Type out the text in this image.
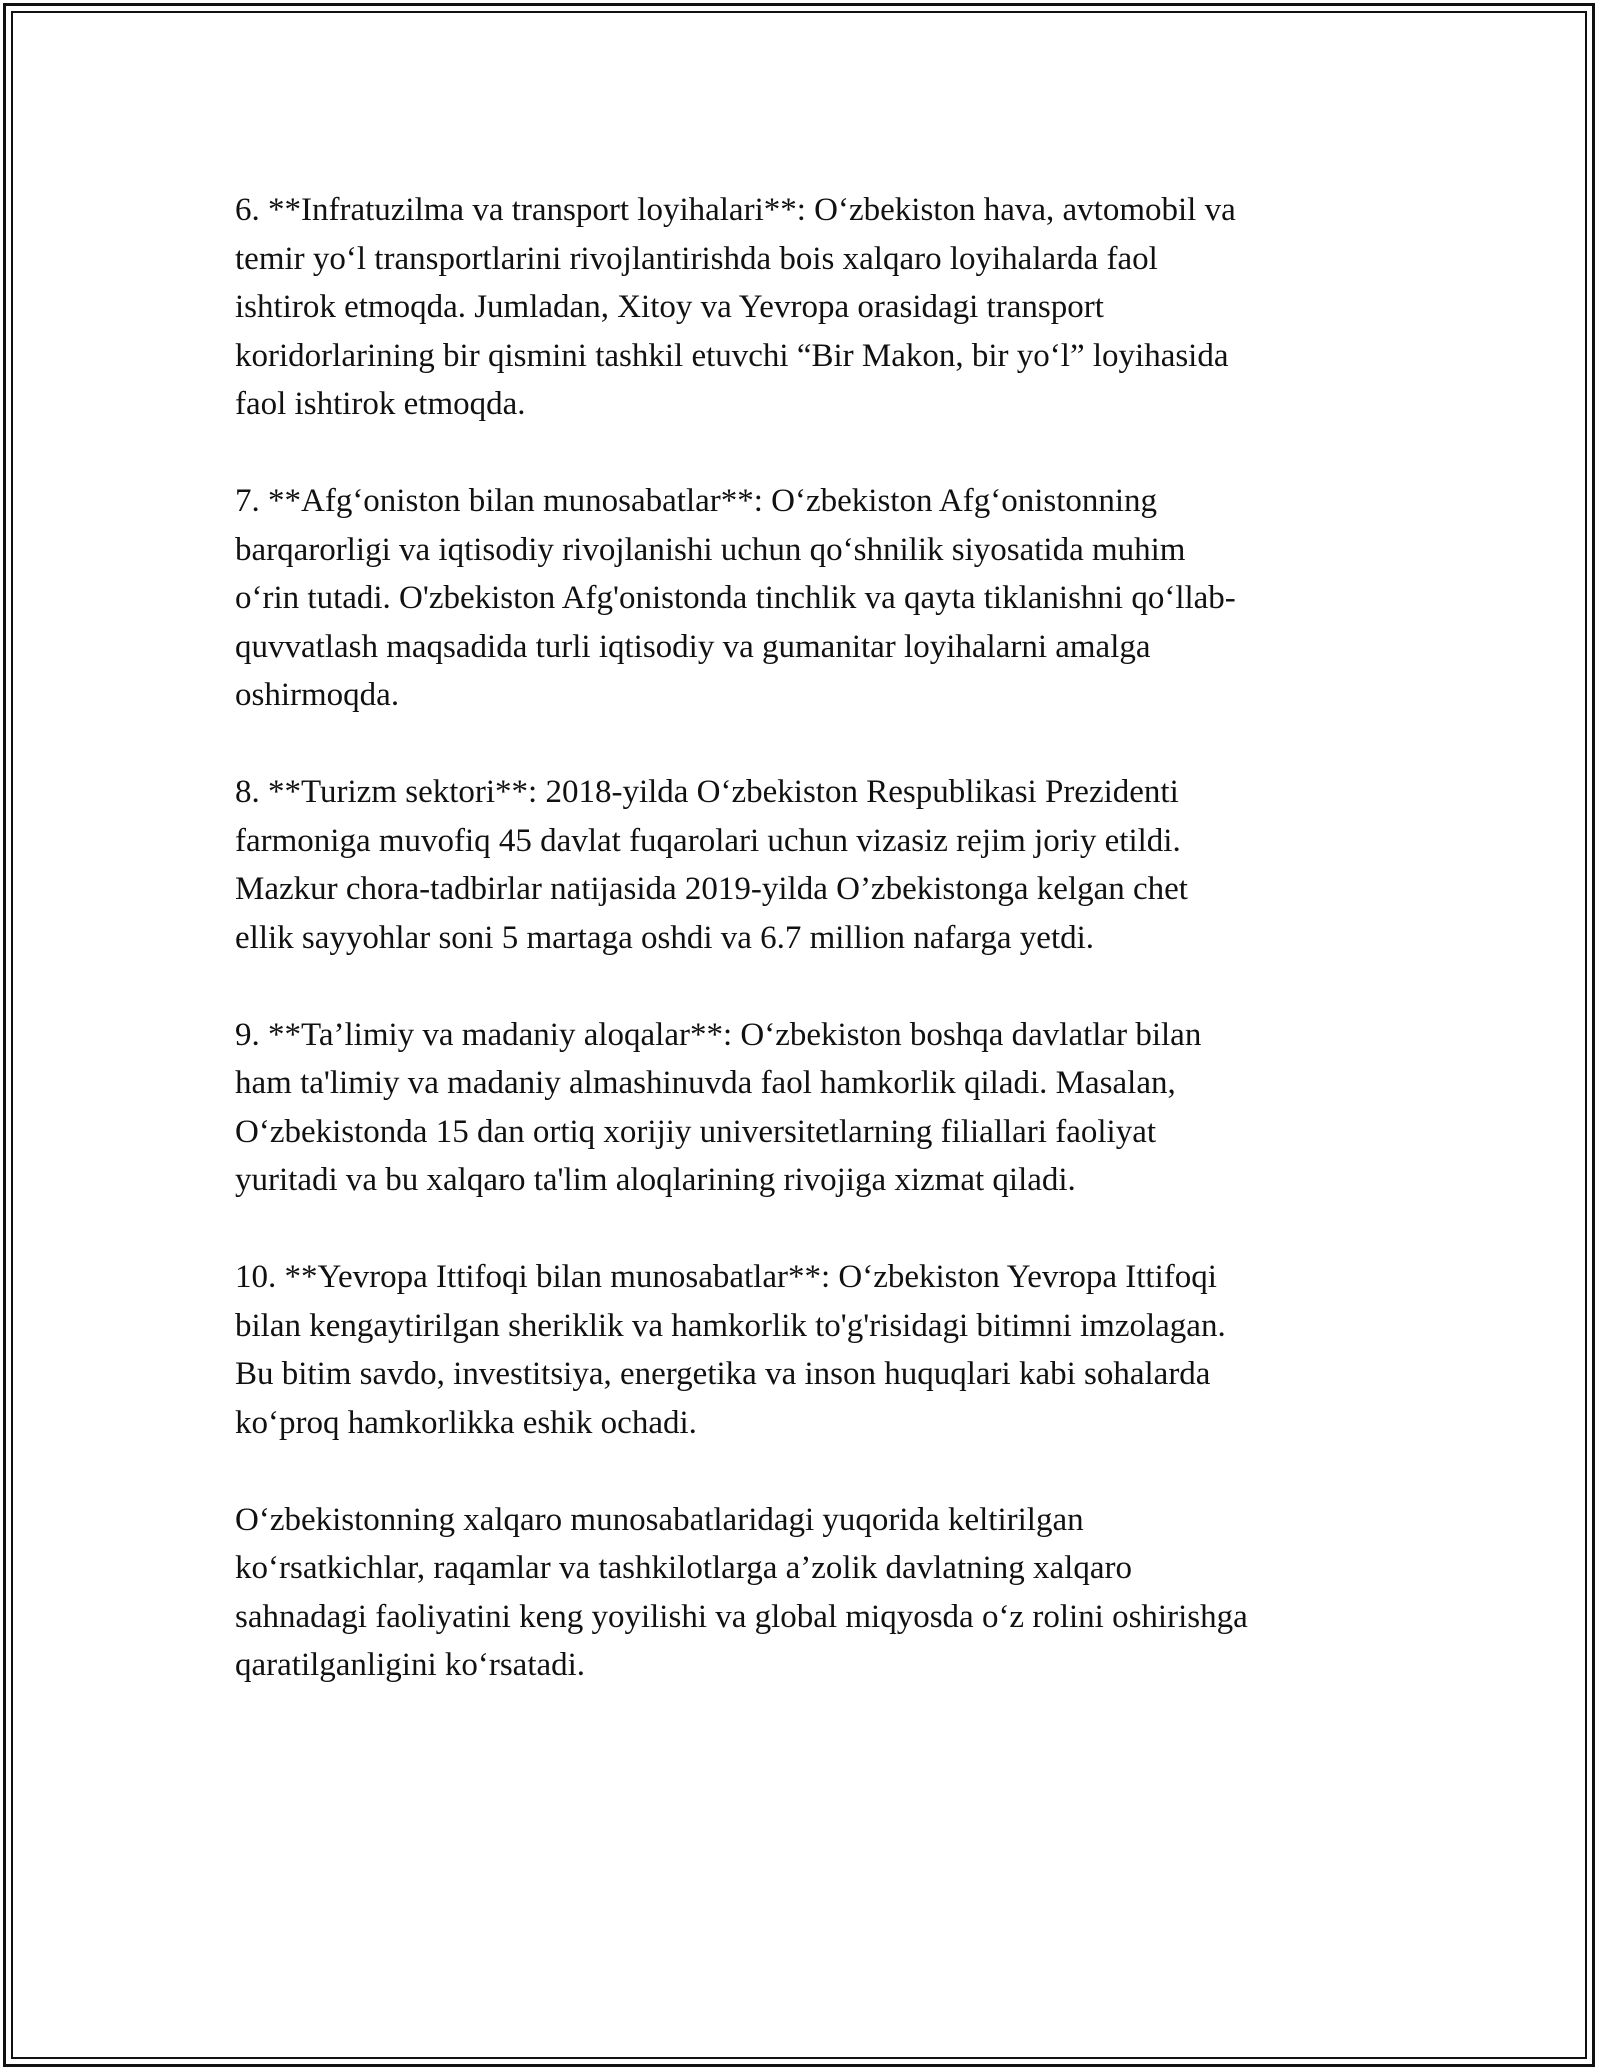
6. **Infratuzilma va transport loyihalari**: O‘zbekiston hava, avtomobil va
temir yo‘l transportlarini rivojlantirishda bois xalqaro loyihalarda faol
ishtirok etmoqda. Jumladan, Xitoy va Yevropa orasidagi transport
koridorlarining bir qismini tashkil etuvchi “Bir Makon, bir yo‘l” loyihasida
faol ishtirok etmoqda.
7. **Afg‘oniston bilan munosabatlar**: O‘zbekiston Afg‘onistonning
barqarorligi va iqtisodiy rivojlanishi uchun qo‘shnilik siyosatida muhim
o‘rin tutadi. O'zbekiston Afg'onistonda tinchlik va qayta tiklanishni qo‘llab-
quvvatlash maqsadida turli iqtisodiy va gumanitar loyihalarni amalga
oshirmoqda.
8. **Turizm sektori**: 2018-yilda O‘zbekiston Respublikasi Prezidenti
farmoniga muvofiq 45 davlat fuqarolari uchun vizasiz rejim joriy etildi.
Mazkur chora-tadbirlar natijasida 2019-yilda O’zbekistonga kelgan chet
ellik sayyohlar soni 5 martaga oshdi va 6.7 million nafarga yetdi.
9. **Ta’limiy va madaniy aloqalar**: O‘zbekiston boshqa davlatlar bilan
ham ta'limiy va madaniy almashinuvda faol hamkorlik qiladi. Masalan,
O‘zbekistonda 15 dan ortiq xorijiy universitetlarning filiallari faoliyat
yuritadi va bu xalqaro ta'lim aloqlarining rivojiga xizmat qiladi.
10. **Yevropa Ittifoqi bilan munosabatlar**: O‘zbekiston Yevropa Ittifoqi
bilan kengaytirilgan sheriklik va hamkorlik to'g'risidagi bitimni imzolagan.
Bu bitim savdo, investitsiya, energetika va inson huquqlari kabi sohalarda
ko‘proq hamkorlikka eshik ochadi.
O‘zbekistonning xalqaro munosabatlaridagi yuqorida keltirilgan
ko‘rsatkichlar, raqamlar va tashkilotlarga a’zolik davlatning xalqaro
sahnadagi faoliyatini keng yoyilishi va global miqyosda o‘z rolini oshirishga
qaratilganligini ko‘rsatadi.
